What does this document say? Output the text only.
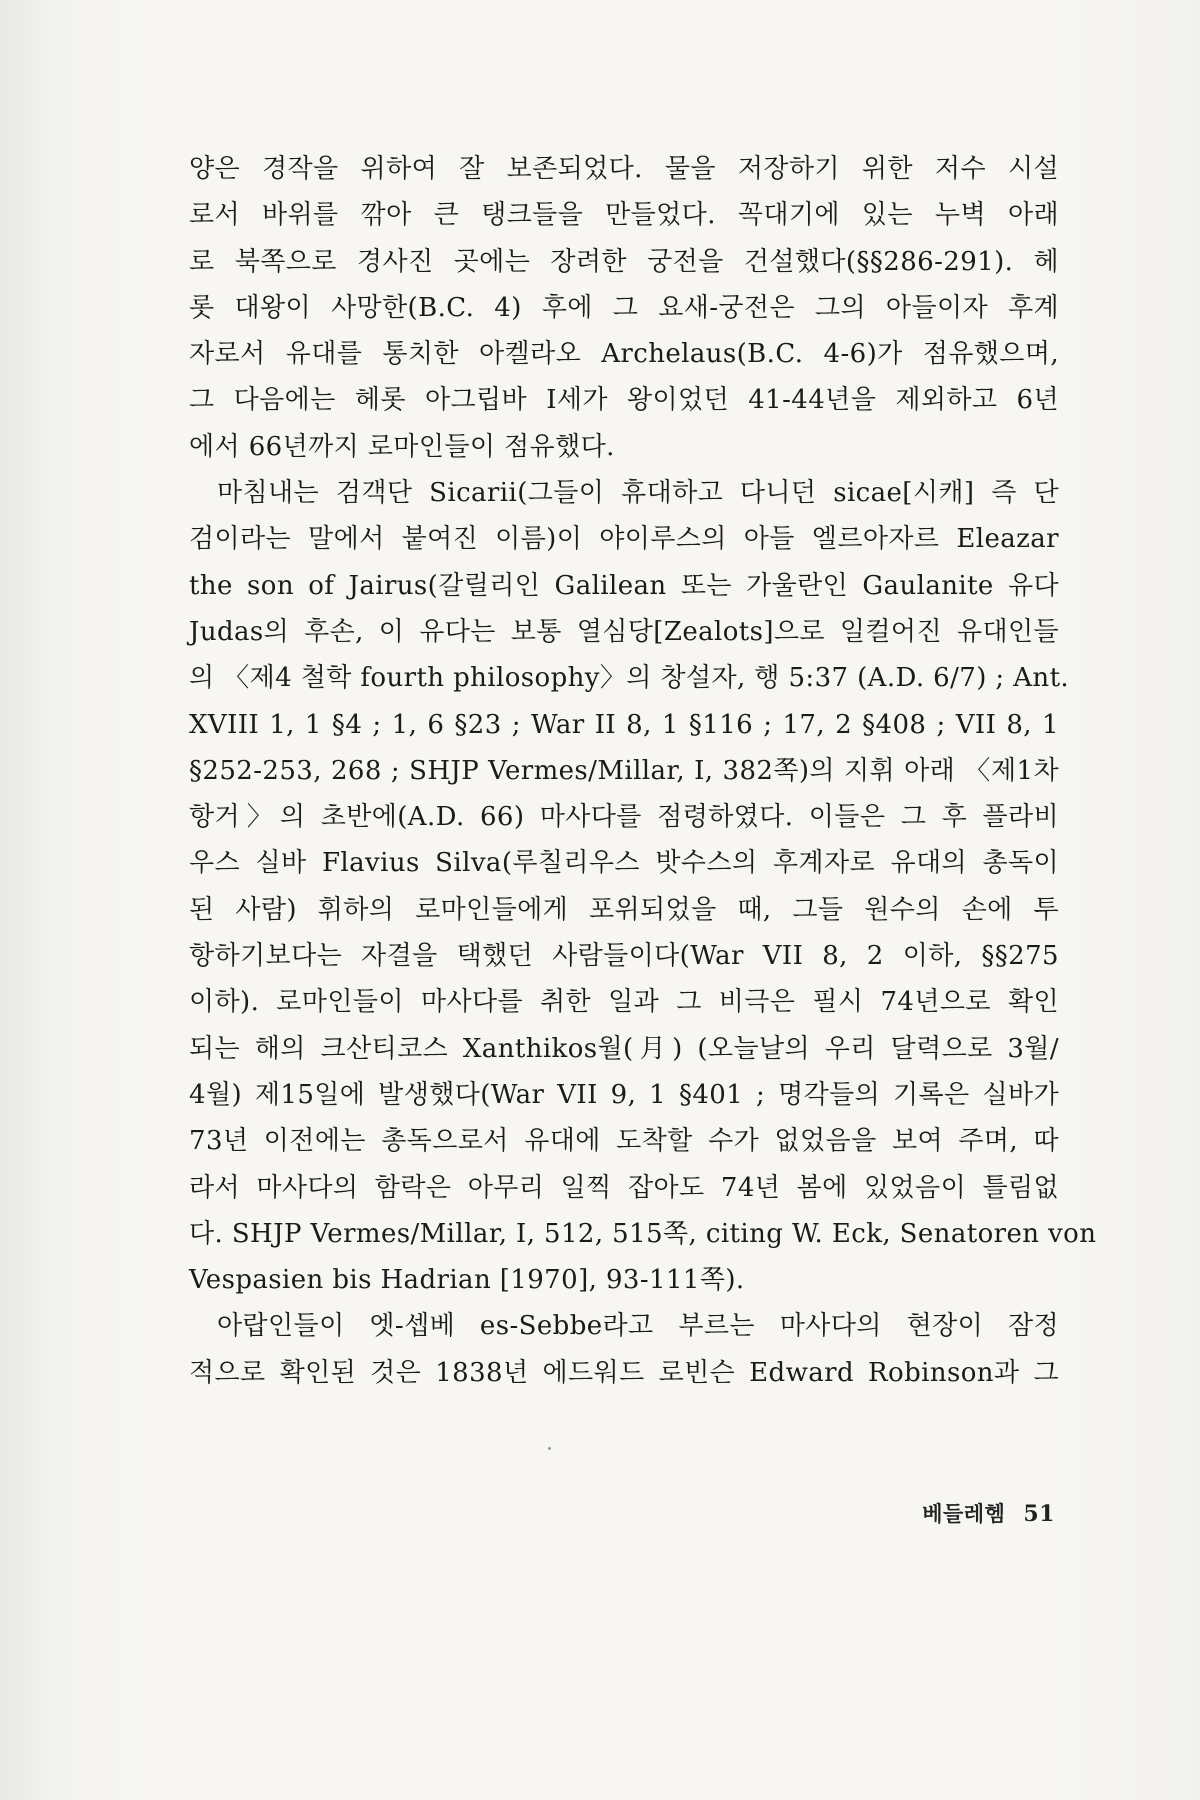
양은 경작을 위하여 잘 보존되었다. 물을 저장하기 위한 저수 시설
로서 바위를 깎아 큰 탱크들을 만들었다. 꼭대기에 있는 누벽 아래
로 북쪽으로 경사진 곳에는 장려한 궁전을 건설했다(§§286-291). 헤
롯 대왕이 사망한(B.C. 4) 후에 그 요새-궁전은 그의 아들이자 후계
자로서 유대를 통치한 아켈라오 Archelaus(B.C. 4-6)가 점유했으며,
그 다음에는 헤롯 아그립바 I세가 왕이었던 41-44년을 제외하고 6년
에서 66년까지 로마인들이 점유했다.
마침내는 검객단 Sicarii(그들이 휴대하고 다니던 sicae[시캐] 즉 단
검이라는 말에서 붙여진 이름)이 야이루스의 아들 엘르아자르 Eleazar
the son of Jairus(갈릴리인 Galilean 또는 가울란인 Gaulanite 유다
Judas의 후손, 이 유다는 보통 열심당[Zealots]으로 일컬어진 유대인들
의 〈제4 철학 fourth philosophy〉의 창설자, 행 5:37 (A.D. 6/7) ; Ant.
XVIII 1, 1 §4 ; 1, 6 §23 ; War II 8, 1 §116 ; 17, 2 §408 ; VII 8, 1
§252-253, 268 ; SHJP Vermes/Millar, I, 382쪽)의 지휘 아래 〈제1차
항거〉의 초반에(A.D. 66) 마사다를 점령하였다. 이들은 그 후 플라비
우스 실바 Flavius Silva(루칠리우스 밧수스의 후계자로 유대의 총독이
된 사람) 휘하의 로마인들에게 포위되었을 때, 그들 원수의 손에 투
항하기보다는 자결을 택했던 사람들이다(War VII 8, 2 이하, §§275
이하). 로마인들이 마사다를 취한 일과 그 비극은 필시 74년으로 확인
되는 해의 크산티코스 Xanthikos월(月) (오늘날의 우리 달력으로 3월/
4월) 제15일에 발생했다(War VII 9, 1 §401 ; 명각들의 기록은 실바가
73년 이전에는 총독으로서 유대에 도착할 수가 없었음을 보여 주며, 따
라서 마사다의 함락은 아무리 일찍 잡아도 74년 봄에 있었음이 틀림없
다. SHJP Vermes/Millar, I, 512, 515쪽, citing W. Eck, Senatoren von
Vespasien bis Hadrian [1970], 93-111쪽).
아랍인들이 엣-셉베 es-Sebbe라고 부르는 마사다의 현장이 잠정
적으로 확인된 것은 1838년 에드워드 로빈슨 Edward Robinson과 그
베들레헴 51
